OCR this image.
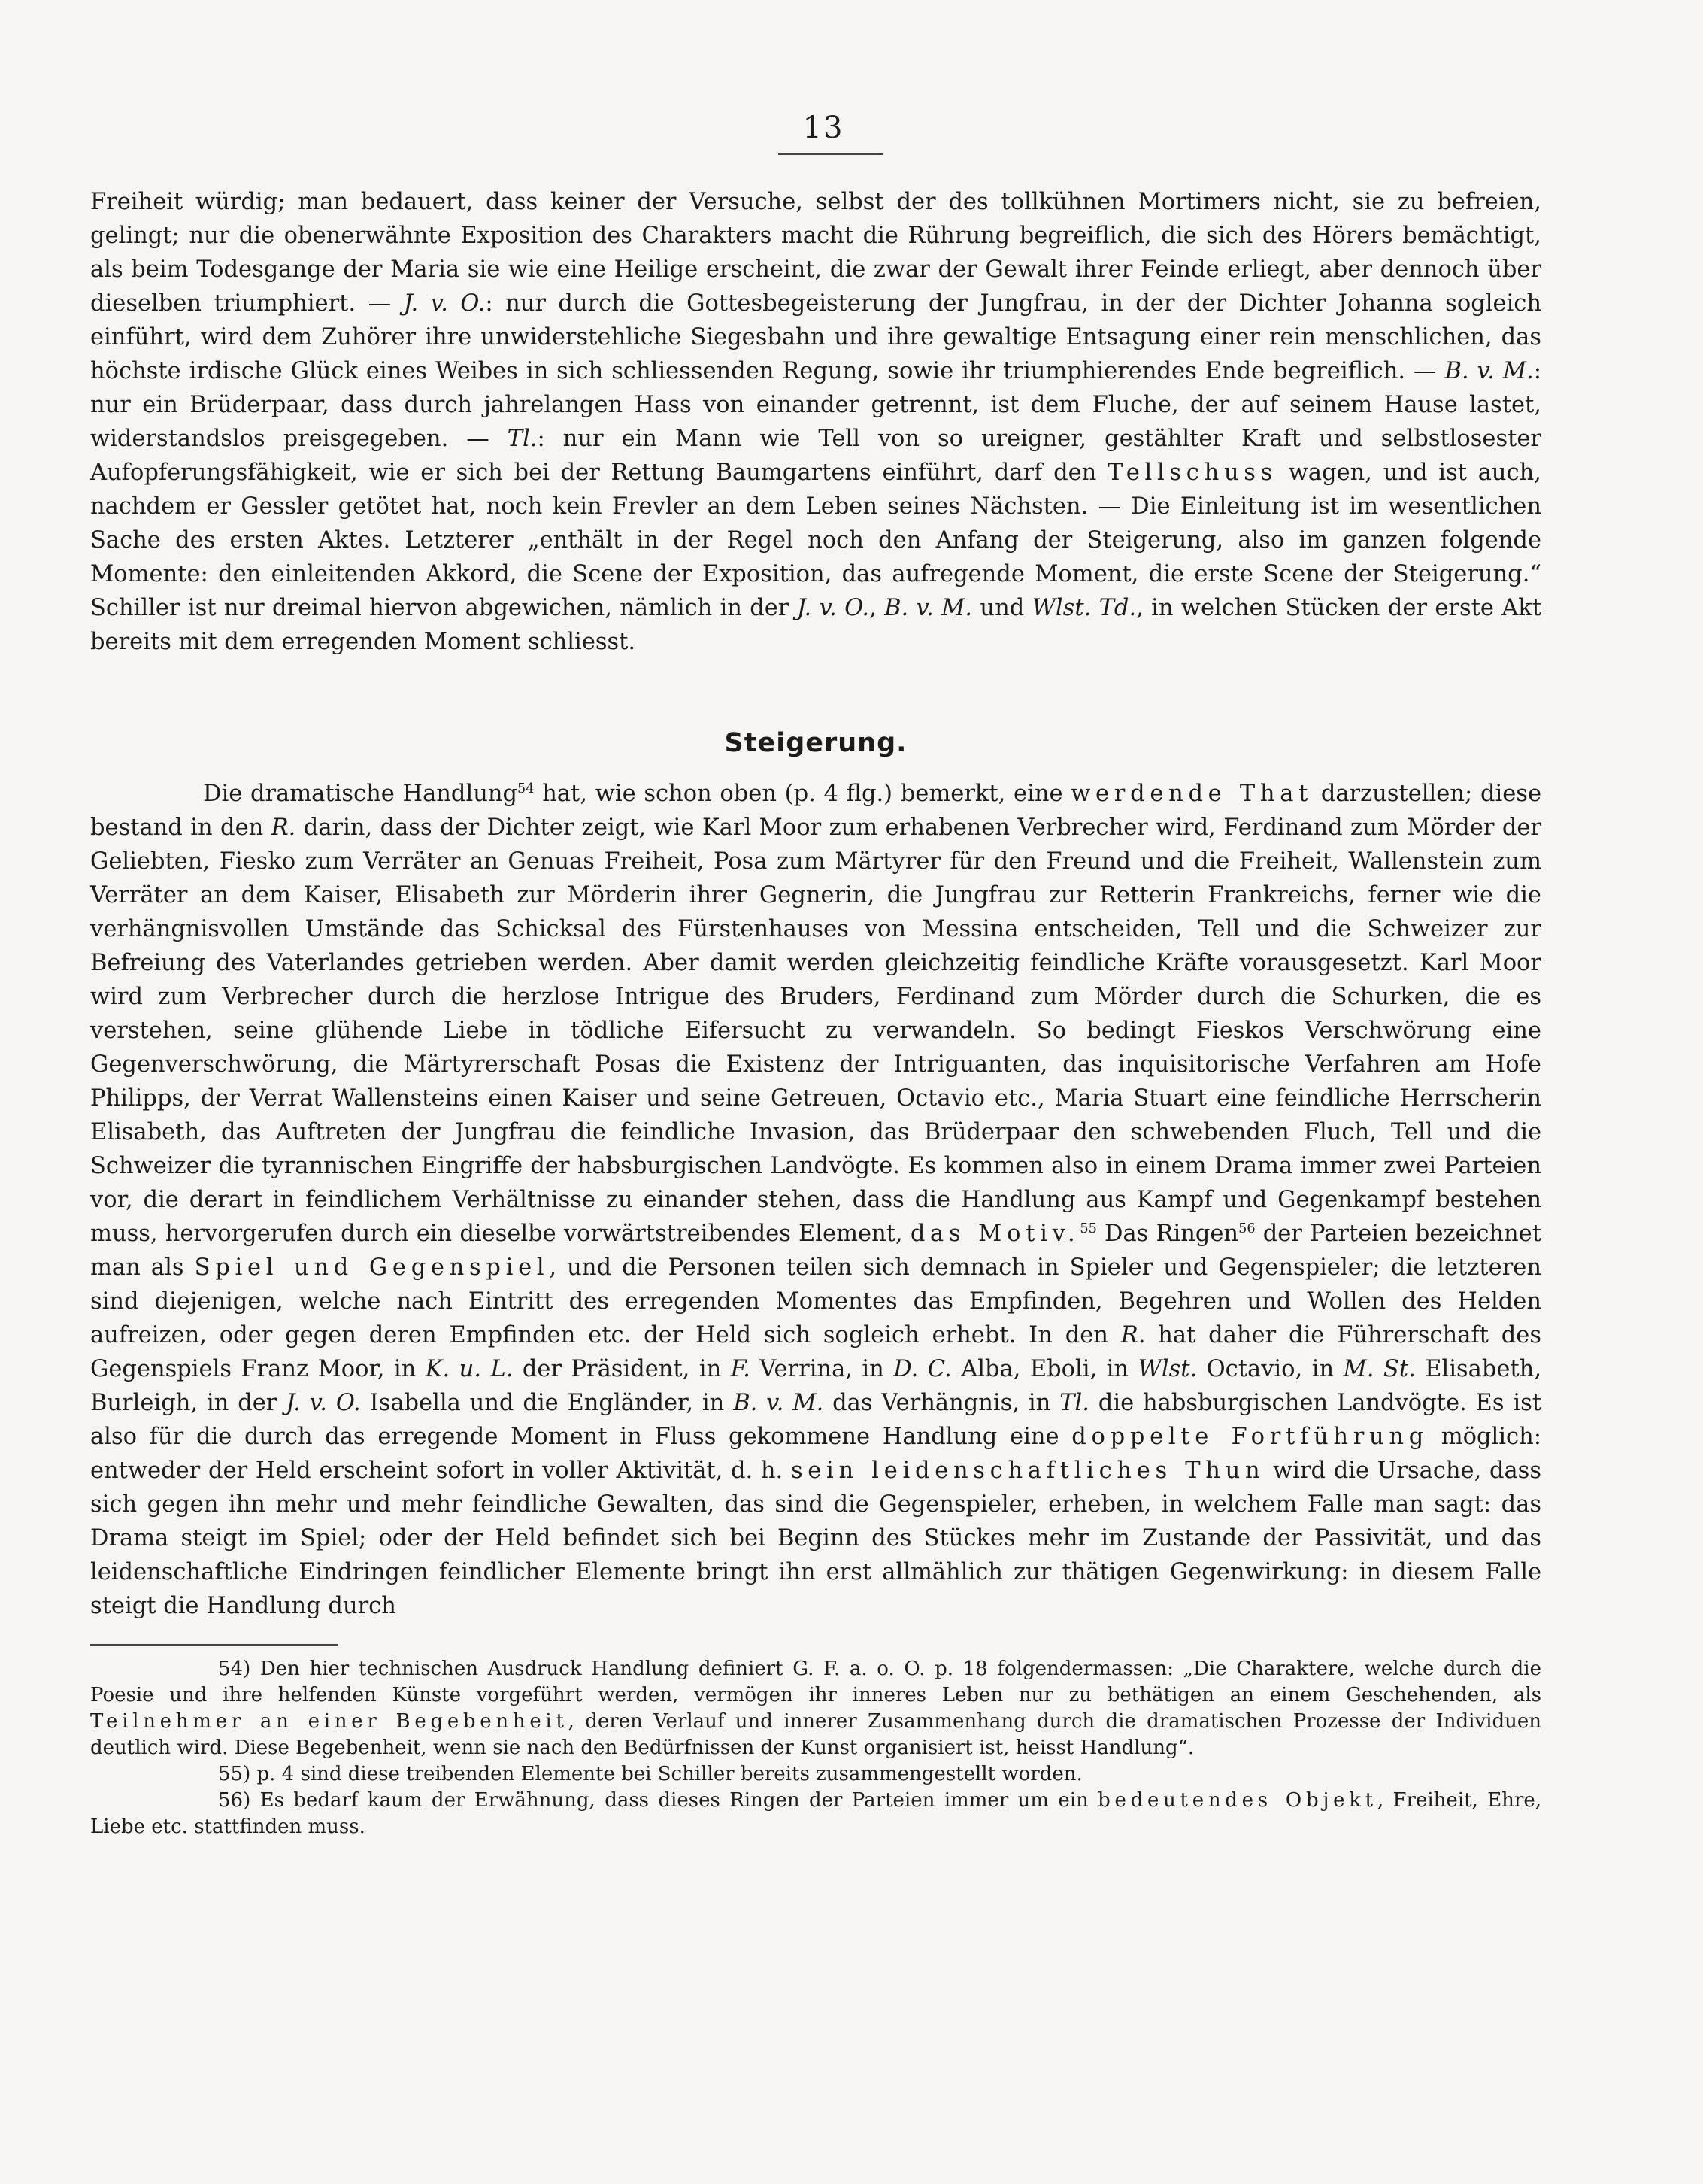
13

Freiheit würdig; man bedauert, dass keiner der Versuche, selbst der des tollkühnen Mortimers nicht, sie zu befreien, gelingt; nur die obenerwähnte Exposition des Charakters macht die Rührung begreiflich, die sich des Hörers bemächtigt, als beim Todesgange der Maria sie wie eine Heilige erscheint, die zwar der Gewalt ihrer Feinde erliegt, aber dennoch über dieselben triumphiert. — J. v. O.: nur durch die Gottesbegeisterung der Jungfrau, in der der Dichter Johanna sogleich einführt, wird dem Zuhörer ihre unwiderstehliche Siegesbahn und ihre gewaltige Entsagung einer rein menschlichen, das höchste irdische Glück eines Weibes in sich schliessenden Regung, sowie ihr triumphierendes Ende begreiflich. — B. v. M.: nur ein Brüderpaar, dass durch jahrelangen Hass von einander getrennt, ist dem Fluche, der auf seinem Hause lastet, widerstandslos preisgegeben. — Tl.: nur ein Mann wie Tell von so ureigner, gestählter Kraft und selbstlosester Aufopferungsfähigkeit, wie er sich bei der Rettung Baumgartens einführt, darf den Tellschuss wagen, und ist auch, nachdem er Gessler getötet hat, noch kein Frevler an dem Leben seines Nächsten. — Die Einleitung ist im wesentlichen Sache des ersten Aktes. Letzterer „enthält in der Regel noch den Anfang der Steigerung, also im ganzen folgende Momente: den einleitenden Akkord, die Scene der Exposition, das aufregende Moment, die erste Scene der Steigerung.“ Schiller ist nur dreimal hiervon abgewichen, nämlich in der J. v. O., B. v. M. und Wlst. Td., in welchen Stücken der erste Akt bereits mit dem erregenden Moment schliesst.

Steigerung.

Die dramatische Handlung$^{54}$ hat, wie schon oben (p. 4 flg.) bemerkt, eine werdende That darzustellen; diese bestand in den R. darin, dass der Dichter zeigt, wie Karl Moor zum erhabenen Verbrecher wird, Ferdinand zum Mörder der Geliebten, Fiesko zum Verräter an Genuas Freiheit, Posa zum Märtyrer für den Freund und die Freiheit, Wallenstein zum Verräter an dem Kaiser, Elisabeth zur Mörderin ihrer Gegnerin, die Jungfrau zur Retterin Frankreichs, ferner wie die verhängnisvollen Umstände das Schicksal des Fürstenhauses von Messina entscheiden, Tell und die Schweizer zur Befreiung des Vaterlandes getrieben werden. Aber damit werden gleichzeitig feindliche Kräfte vorausgesetzt. Karl Moor wird zum Verbrecher durch die herzlose Intrigue des Bruders, Ferdinand zum Mörder durch die Schurken, die es verstehen, seine glühende Liebe in tödliche Eifersucht zu verwandeln. So bedingt Fieskos Verschwörung eine Gegenverschwörung, die Märtyrerschaft Posas die Existenz der Intriguanten, das inquisitorische Verfahren am Hofe Philipps, der Verrat Wallensteins einen Kaiser und seine Getreuen, Octavio etc., Maria Stuart eine feindliche Herrscherin Elisabeth, das Auftreten der Jungfrau die feindliche Invasion, das Brüderpaar den schwebenden Fluch, Tell und die Schweizer die tyrannischen Eingriffe der habsburgischen Landvögte. Es kommen also in einem Drama immer zwei Parteien vor, die derart in feindlichem Verhältnisse zu einander stehen, dass die Handlung aus Kampf und Gegenkampf bestehen muss, hervorgerufen durch ein dieselbe vorwärtstreibendes Element, das Motiv.$^{55}$ Das Ringen$^{56}$ der Parteien bezeichnet man als Spiel und Gegenspiel, und die Personen teilen sich demnach in Spieler und Gegenspieler; die letzteren sind diejenigen, welche nach Eintritt des erregenden Momentes das Empfinden, Begehren und Wollen des Helden aufreizen, oder gegen deren Empfinden etc. der Held sich sogleich erhebt. In den R. hat daher die Führerschaft des Gegenspiels Franz Moor, in K. u. L. der Präsident, in F. Verrina, in D. C. Alba, Eboli, in Wlst. Octavio, in M. St. Elisabeth, Burleigh, in der J. v. O. Isabella und die Engländer, in B. v. M. das Verhängnis, in Tl. die habsburgischen Landvögte. Es ist also für die durch das erregende Moment in Fluss gekommene Handlung eine doppelte Fortführung möglich: entweder der Held erscheint sofort in voller Aktivität, d. h. sein leidenschaftliches Thun wird die Ursache, dass sich gegen ihn mehr und mehr feindliche Gewalten, das sind die Gegenspieler, erheben, in welchem Falle man sagt: das Drama steigt im Spiel; oder der Held befindet sich bei Beginn des Stückes mehr im Zustande der Passivität, und das leidenschaftliche Eindringen feindlicher Elemente bringt ihn erst allmählich zur thätigen Gegenwirkung: in diesem Falle steigt die Handlung durch

54) Den hier technischen Ausdruck Handlung definiert G. F. a. o. O. p. 18 folgendermassen: „Die Charaktere, welche durch die Poesie und ihre helfenden Künste vorgeführt werden, vermögen ihr inneres Leben nur zu bethätigen an einem Geschehenden, als Teilnehmer an einer Begebenheit, deren Verlauf und innerer Zusammenhang durch die dramatischen Prozesse der Individuen deutlich wird. Diese Begebenheit, wenn sie nach den Bedürfnissen der Kunst organisiert ist, heisst Handlung“.

55) p. 4 sind diese treibenden Elemente bei Schiller bereits zusammengestellt worden.

56) Es bedarf kaum der Erwähnung, dass dieses Ringen der Parteien immer um ein bedeutendes Objekt, Freiheit, Ehre, Liebe etc. stattfinden muss.
